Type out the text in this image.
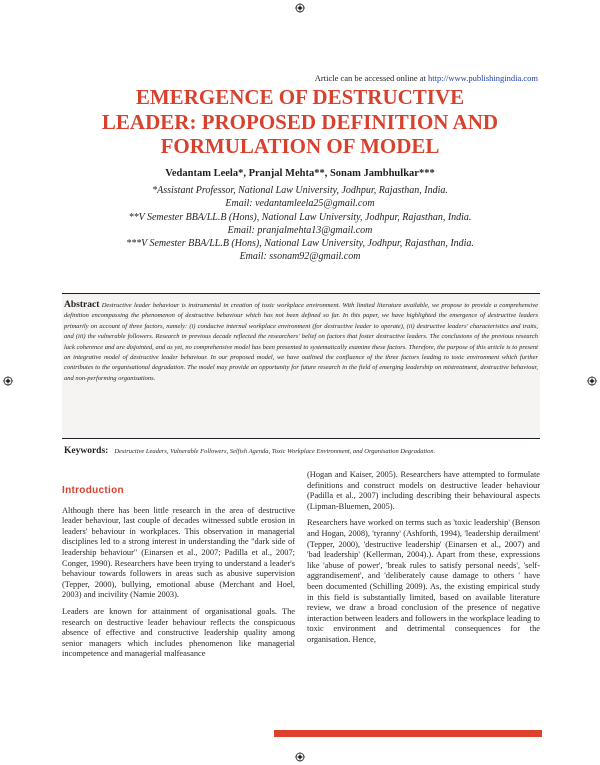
Article can be accessed online at http://www.publishingindia.com
EMERGENCE OF DESTRUCTIVE
LEADER: PROPOSED DEFINITION AND
FORMULATION OF MODEL
Vedantam Leela*, Pranjal Mehta**, Sonam Jambhulkar***
*Assistant Professor, National Law University, Jodhpur, Rajasthan, India.
Email: vedantamleela25@gmail.com
**V Semester BBA/LL.B (Hons), National Law University, Jodhpur, Rajasthan, India.
Email: pranjalmehta13@gmail.com
***V Semester BBA/LL.B (Hons), National Law University, Jodhpur, Rajasthan, India.
Email: ssonam92@gmail.com
Abstract Destructive leader behaviour is instrumental in creation of toxic workplace environment. With limited literature available, we propose to provide a comprehensive definition encompassing the phenomenon of destructive behaviour which has not been defined so far. In this paper, we have highlighted the emergence of destructive leaders primarily on account of three factors, namely: (i) conducive internal workplace environment (for destructive leader to operate), (ii) destructive leaders' characteristics and traits, and (iii) the vulnerable followers. Research in previous decade reflected the researchers' belief on factors that foster destructive leaders. The conclusions of the previous research lack coherence and are disjointed, and as yet, no comprehensive model has been presented to systematically examine these factors. Therefore, the purpose of this article is to present an integrative model of destructive leader behaviour. In our proposed model, we have outlined the confluence of the three factors leading to toxic environment which further contributes to the organisational degradation. The model may provide an opportunity for future research in the field of emerging leadership on mistreatment, destructive behaviour, and non-performing organisations.
Keywords: Destructive Leaders, Vulnerable Followers, Selfish Agenda, Toxic Workplace Environment, and Organisation Degradation.
Introduction

Although there has been little research in the area of destructive leader behaviour, last couple of decades witnessed subtle erosion in leaders' behaviour in workplaces. This observation in managerial disciplines led to a strong interest in understanding the "dark side of leadership behaviour" (Einarsen et al., 2007; Padilla et al., 2007; Conger, 1990). Researchers have been trying to understand a leader's behaviour towards followers in areas such as abusive supervision (Tepper, 2000), bullying, emotional abuse (Merchant and Hoel, 2003) and incivility (Namie 2003).

Leaders are known for attainment of organisational goals. The research on destructive leader behaviour reflects the conspicuous absence of effective and constructive leadership quality among senior managers which includes phenomenon like managerial incompetence and managerial malfeasance

(Hogan and Kaiser, 2005). Researchers have attempted to formulate definitions and construct models on destructive leader behaviour (Padilla et al., 2007) including describing their behavioural aspects (Lipman-Bluemen, 2005).

Researchers have worked on terms such as 'toxic leadership' (Benson and Hogan, 2008), 'tyranny' (Ashforth, 1994), 'leadership derailment' (Tepper, 2000), 'destructive leadership' (Einarsen et al., 2007) and 'bad leadership' (Kellerman, 2004).). Apart from these, expressions like 'abuse of power', 'break rules to satisfy personal needs', 'self-aggrandisement', and 'deliberately cause damage to others ' have been documented (Schilling 2009). As, the existing empirical study in this field is substantially limited, based on available literature review, we draw a broad conclusion of the presence of negative interaction between leaders and followers in the workplace leading to toxic environment and detrimental consequences for the organisation. Hence,
